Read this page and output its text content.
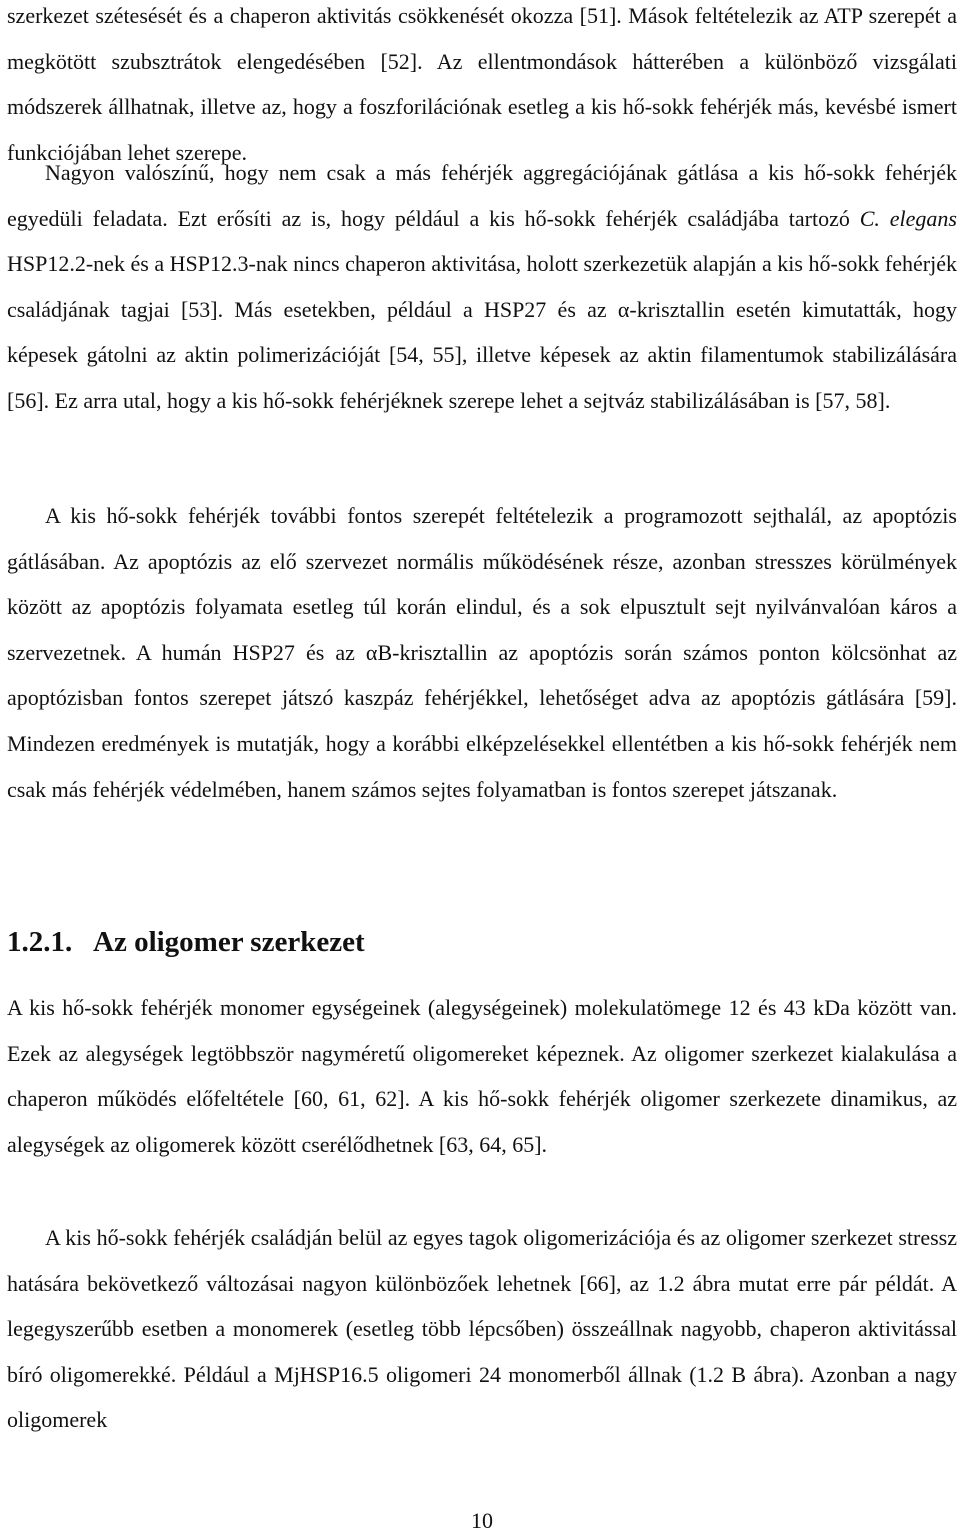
szerkezet szétesését és a chaperon aktivitás csökkenését okozza [51]. Mások feltételezik az ATP szerepét a megkötött szubsztrátok elengedésében [52]. Az ellentmondások hátterében a különböző vizsgálati módszerek állhatnak, illetve az, hogy a foszforilációnak esetleg a kis hő-sokk fehérjék más, kevésbé ismert funkciójában lehet szerepe.

Nagyon valószínű, hogy nem csak a más fehérjék aggregációjának gátlása a kis hő-sokk fehérjék egyedüli feladata. Ezt erősíti az is, hogy például a kis hő-sokk fehérjék családjába tartozó C. elegans HSP12.2-nek és a HSP12.3-nak nincs chaperon aktivitása, holott szerkezetük alapján a kis hő-sokk fehérjék családjának tagjai [53]. Más esetekben, például a HSP27 és az α-krisztallin esetén kimutatták, hogy képesek gátolni az aktin polimerizációját [54, 55], illetve képesek az aktin filamentumok stabilizálására [56]. Ez arra utal, hogy a kis hő-sokk fehérjéknek szerepe lehet a sejtváz stabilizálásában is [57, 58].

A kis hő-sokk fehérjék további fontos szerepét feltételezik a programozott sejthalál, az apoptózis gátlásában. Az apoptózis az elő szervezet normális működésének része, azonban stresszes körülmények között az apoptózis folyamata esetleg túl korán elindul, és a sok elpusztult sejt nyilvánvalóan káros a szervezetnek. A humán HSP27 és az αB-krisztallin az apoptózis során számos ponton kölcsönhat az apoptózisban fontos szerepet játszó kaszpáz fehérjékkel, lehetőséget adva az apoptózis gátlására [59]. Mindezen eredmények is mutatják, hogy a korábbi elképzelésekkel ellentétben a kis hő-sokk fehérjék nem csak más fehérjék védelmében, hanem számos sejtes folyamatban is fontos szerepet játszanak.

1.2.1. Az oligomer szerkezet

A kis hő-sokk fehérjék monomer egységeinek (alegységeinek) molekulatömege 12 és 43 kDa között van. Ezek az alegységek legtöbbször nagyméretű oligomereket képeznek. Az oligomer szerkezet kialakulása a chaperon működés előfeltétele [60, 61, 62]. A kis hő-sokk fehérjék oligomer szerkezete dinamikus, az alegységek az oligomerek között cserélődhetnek [63, 64, 65].

A kis hő-sokk fehérjék családján belül az egyes tagok oligomerizációja és az oligomer szerkezet stressz hatására bekövetkező változásai nagyon különbözőek lehetnek [66], az 1.2 ábra mutat erre pár példát. A legegyszerűbb esetben a monomerek (esetleg több lépcsőben) összeállnak nagyobb, chaperon aktivitással bíró oligomerekké. Például a MjHSP16.5 oligomeri 24 monomerből állnak (1.2 B ábra). Azonban a nagy oligomerek

10
